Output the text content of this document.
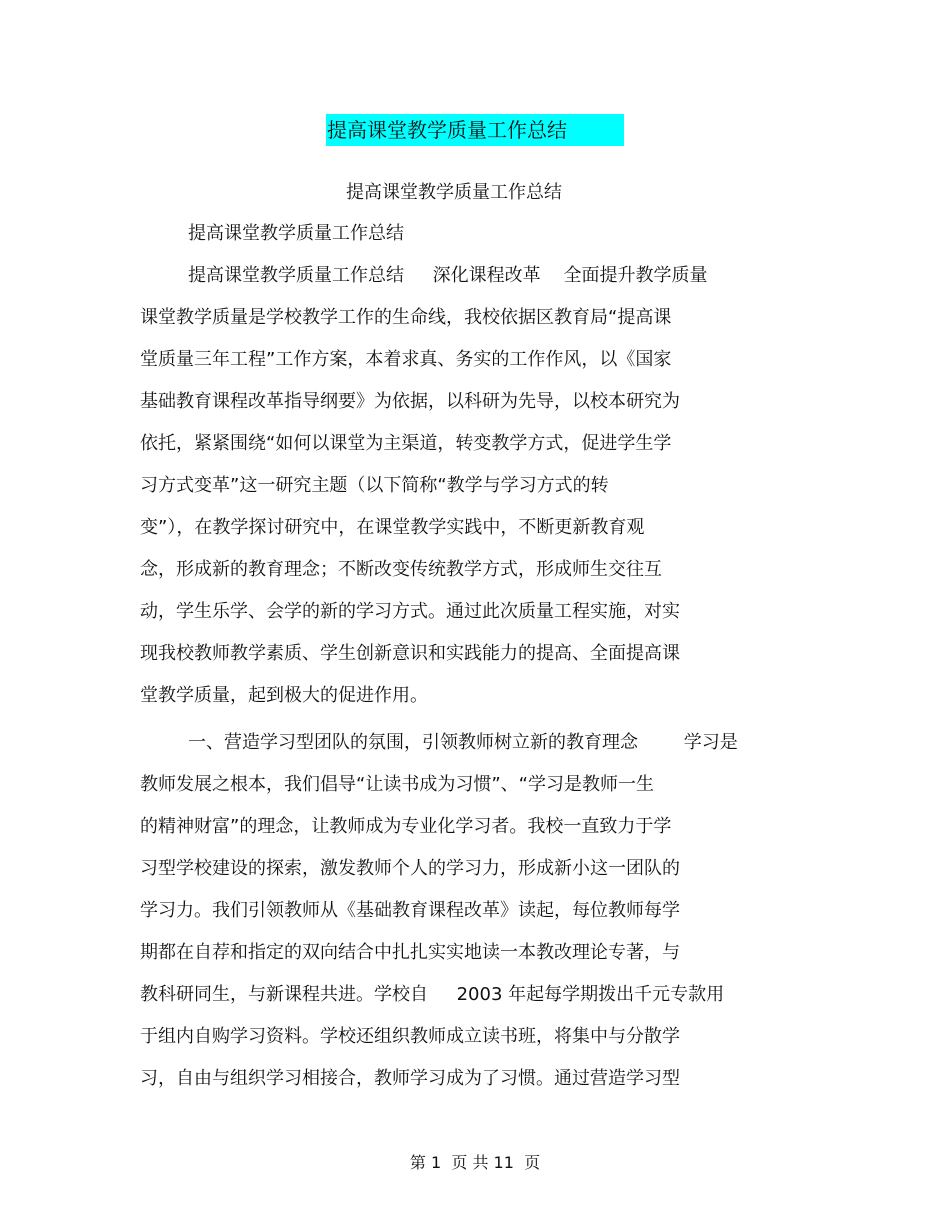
提高课堂教学质量工作总结
提高课堂教学质量工作总结
提高课堂教学质量工作总结
提高课堂教学质量工作总结     深化课程改革    全面提升教学质量
课堂教学质量是学校教学工作的生命线，我校依据区教育局“提高课
堂质量三年工程”工作方案，本着求真、务实的工作作风，以《国家
基础教育课程改革指导纲要》为依据，以科研为先导，以校本研究为
依托，紧紧围绕“如何以课堂为主渠道，转变教学方式，促进学生学
习方式变革”这一研究主题（以下简称“教学与学习方式的转
变”），在教学探讨研究中，在课堂教学实践中，不断更新教育观
念，形成新的教育理念；不断改变传统教学方式，形成师生交往互
动，学生乐学、会学的新的学习方式。通过此次质量工程实施，对实
现我校教师教学素质、学生创新意识和实践能力的提高、全面提高课
堂教学质量，起到极大的促进作用。
一、营造学习型团队的氛围，引领教师树立新的教育理念        学习是
教师发展之根本，我们倡导“让读书成为习惯”、“学习是教师一生
的精神财富”的理念，让教师成为专业化学习者。我校一直致力于学
习型学校建设的探索，激发教师个人的学习力，形成新小这一团队的
学习力。我们引领教师从《基础教育课程改革》读起，每位教师每学
期都在自荐和指定的双向结合中扎扎实实地读一本教改理论专著，与
教科研同生，与新课程共进。学校自     2003 年起每学期拨出千元专款用
于组内自购学习资料。学校还组织教师成立读书班，将集中与分散学
习，自由与组织学习相接合，教师学习成为了习惯。通过营造学习型
第 1  页 共 11  页
